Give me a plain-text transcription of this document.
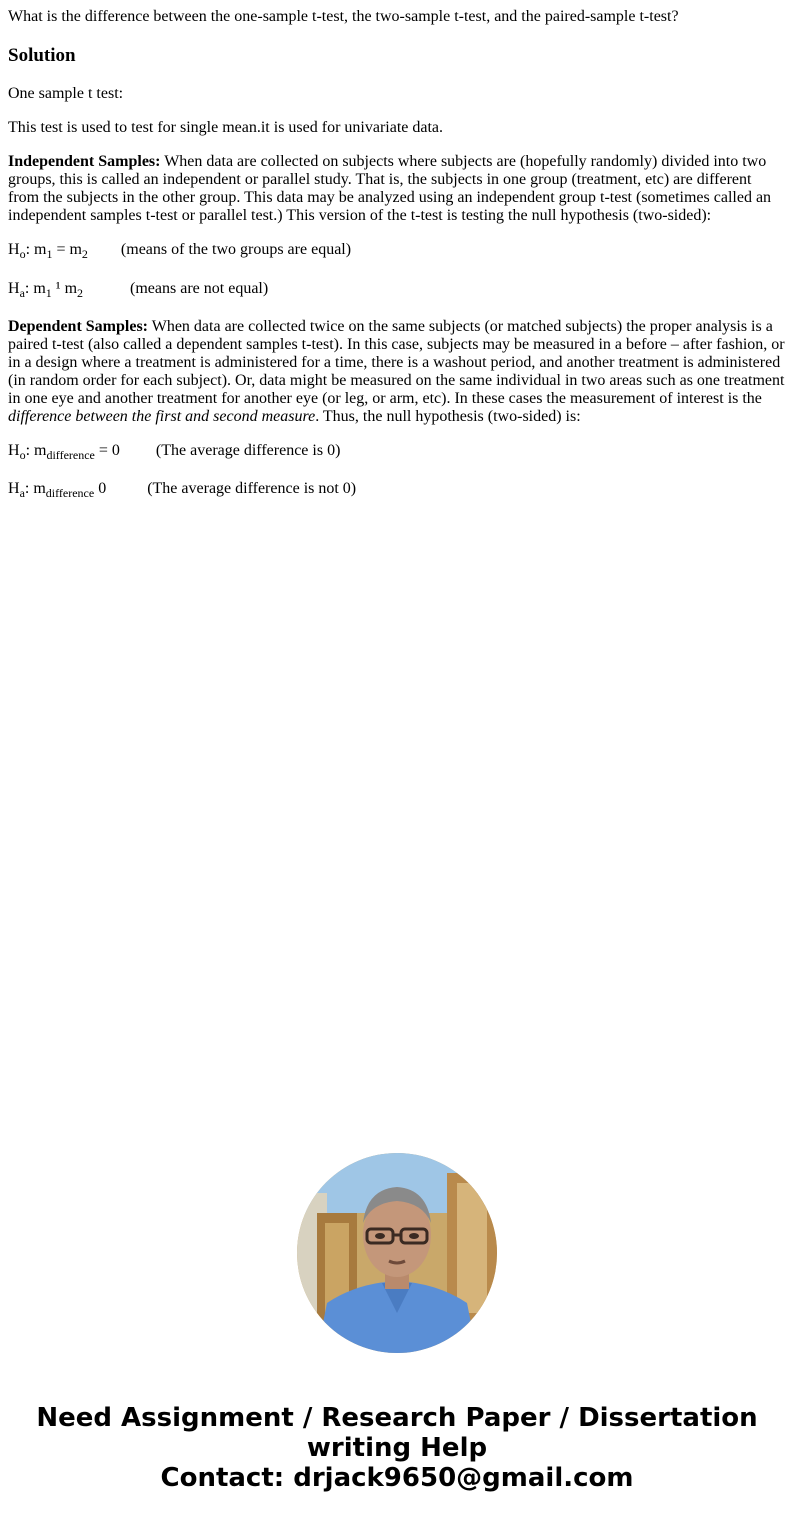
What is the difference between the one-sample t-test, the two-sample t-test, and the paired-sample t-test?

Solution

One sample t test:

This test is used to test for single mean.it is used for univariate data.

Independent Samples: When data are collected on subjects where subjects are (hopefully randomly) divided into two groups, this is called an independent or parallel study. That is, the subjects in one group (treatment, etc) are different from the subjects in the other group. This data may be analyzed using an independent group t-test (sometimes called an independent samples t-test or parallel test.) This version of the t-test is testing the null hypothesis (two-sided):

$H_o$: $m_1 = m_2$ (means of the two groups are equal)

$H_a$: $m_1$ ¹ $m_2$	(means are not equal)

Dependent Samples: When data are collected twice on the same subjects (or matched subjects) the proper analysis is a paired t-test (also called a dependent samples t-test). In this case, subjects may be measured in a before – after fashion, or in a design where a treatment is administered for a time, there is a washout period, and another treatment is administered (in random order for each subject). Or, data might be measured on the same individual in two areas such as one treatment in one eye and another treatment for another eye (or leg, or arm, etc). In these cases the measurement of interest is the difference between the first and second measure. Thus, the null hypothesis (two-sided) is:

$H_o$: $m_{difference} = 0$ (The average difference is 0)

$H_a$: $m_{difference}$ 0	(The average difference is not 0)

Need Assignment / Research Paper / Dissertation
writing Help
Contact: drjack9650@gmail.com
